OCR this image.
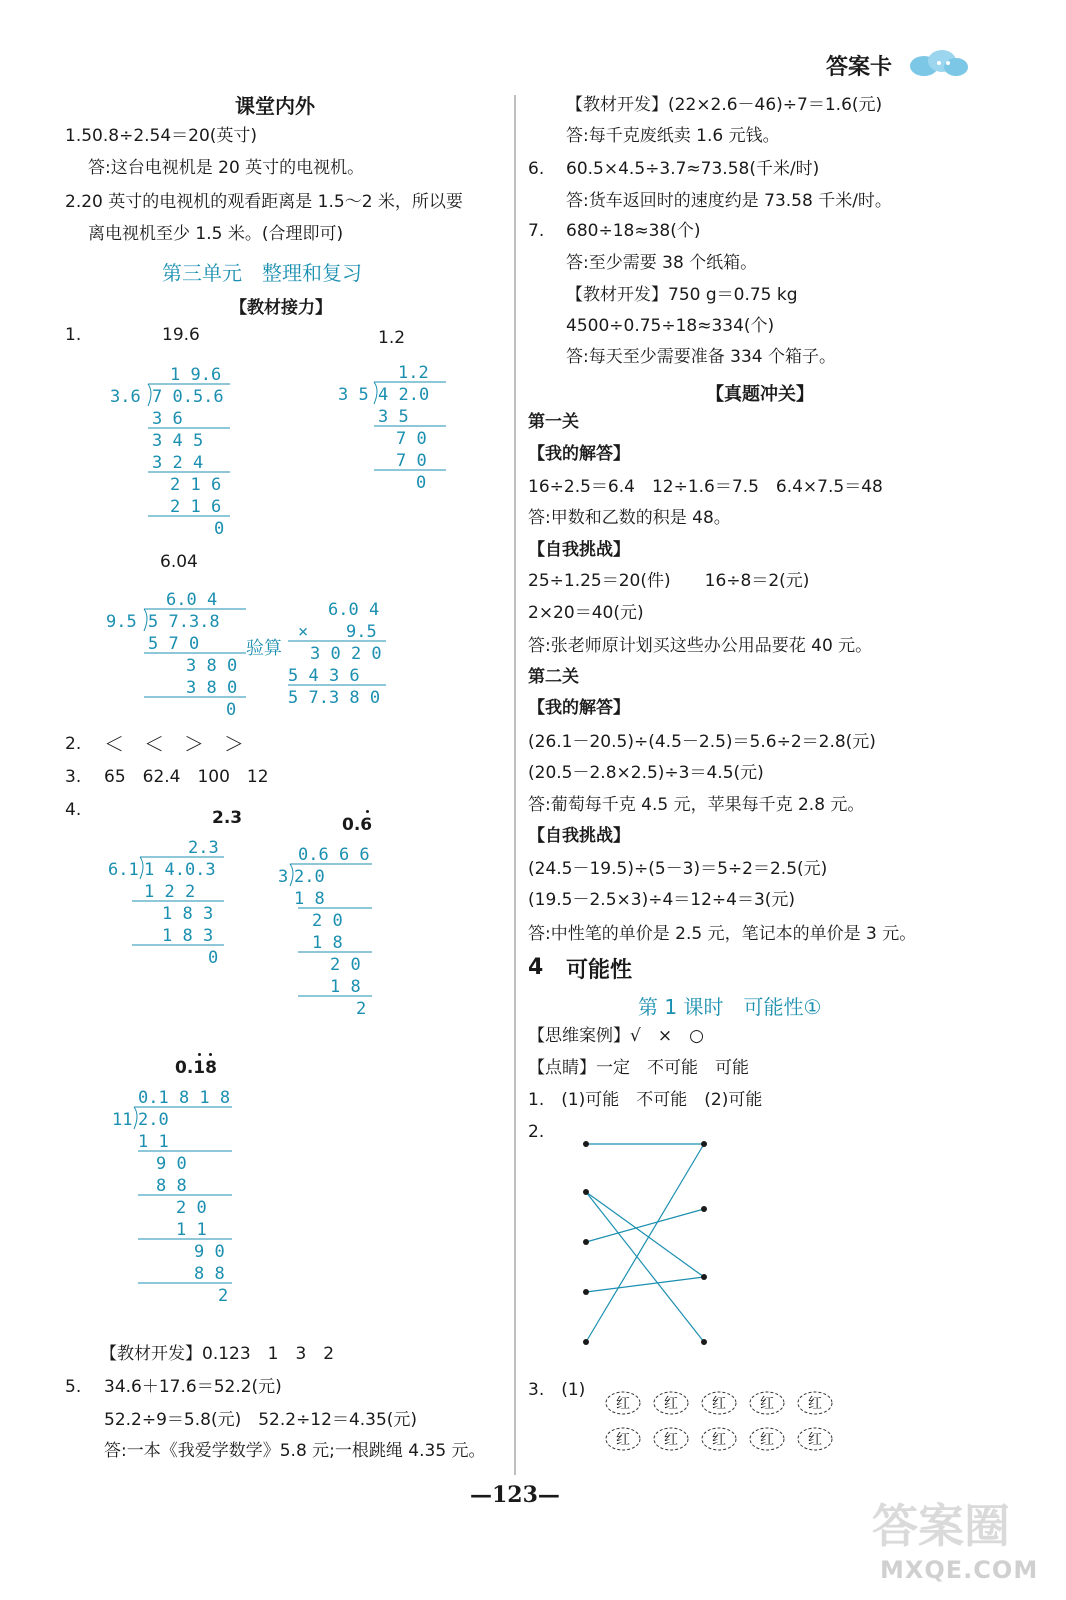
答案卡
课堂内外
1.50.8÷2.54＝20(英寸)
答:这台电视机是 20 英寸的电视机。
2.20 英寸的电视机的观看距离是 1.5～2 米，所以要
离电视机至少 1.5 米。(合理即可)
第三单元　整理和复习
【教材接力】
1.	19.6	1.2
1 9.6
3.6 7 0.5.6
3 6
3 4 5
3 2 4
2 1 6
2 1 6
0
1.2
3 5 4 2.0
3 5
7 0
7 0
0
6.04
6.0 4
9.5 5 7.3.8
5 7 0
3 8 0
3 8 0
0
验算
6.0 4
× 9.5
3 0 2 0
5 4 3 6
5 7.3 8 0
2. ＜　＜　＞　＞
3. 65　62.4　100　12
4.	2.3	0.6
2.3
6.1 1 4.0.3
1 2 2
1 8 3
1 8 3
0
0.6 6 6
3 2.0
1 8
2 0
1 8
2 0
1 8
2
0.18
0.1 8 1 8
11 2.0
1 1
9 0
8 8
2 0
1 1
9 0
8 8
2
【教材开发】0.123　1　3　2
5. 34.6＋17.6＝52.2(元)
52.2÷9＝5.8(元)　52.2÷12＝4.35(元)
答:一本《我爱学数学》5.8 元;一根跳绳 4.35 元。
【教材开发】(22×2.6－46)÷7＝1.6(元)
答:每千克废纸卖 1.6 元钱。
6. 60.5×4.5÷3.7≈73.58(千米/时)
答:货车返回时的速度约是 73.58 千米/时。
7. 680÷18≈38(个)
答:至少需要 38 个纸箱。
【教材开发】750 g＝0.75 kg
4500÷0.75÷18≈334(个)
答:每天至少需要准备 334 个箱子。
【真题冲关】
第一关
【我的解答】
16÷2.5＝6.4　12÷1.6＝7.5　6.4×7.5＝48
答:甲数和乙数的积是 48。
【自我挑战】
25÷1.25＝20(件)　　16÷8＝2(元)
2×20＝40(元)
答:张老师原计划买这些办公用品要花 40 元。
第二关
【我的解答】
(26.1－20.5)÷(4.5－2.5)＝5.6÷2＝2.8(元)
(20.5－2.8×2.5)÷3＝4.5(元)
答:葡萄每千克 4.5 元，苹果每千克 2.8 元。
【自我挑战】
(24.5－19.5)÷(5－3)＝5÷2＝2.5(元)
(19.5－2.5×3)÷4＝12÷4＝3(元)
答:中性笔的单价是 2.5 元，笔记本的单价是 3 元。
4 可能性
第 1 课时　可能性①
【思维案例】√　×　○
【点睛】一定　不可能　可能
1.　(1)可能　不可能　(2)可能
2.
3.　(1)
红 红 红 红 红
红 红 红 红 红
—123—
答案圈
MXQE.COM
